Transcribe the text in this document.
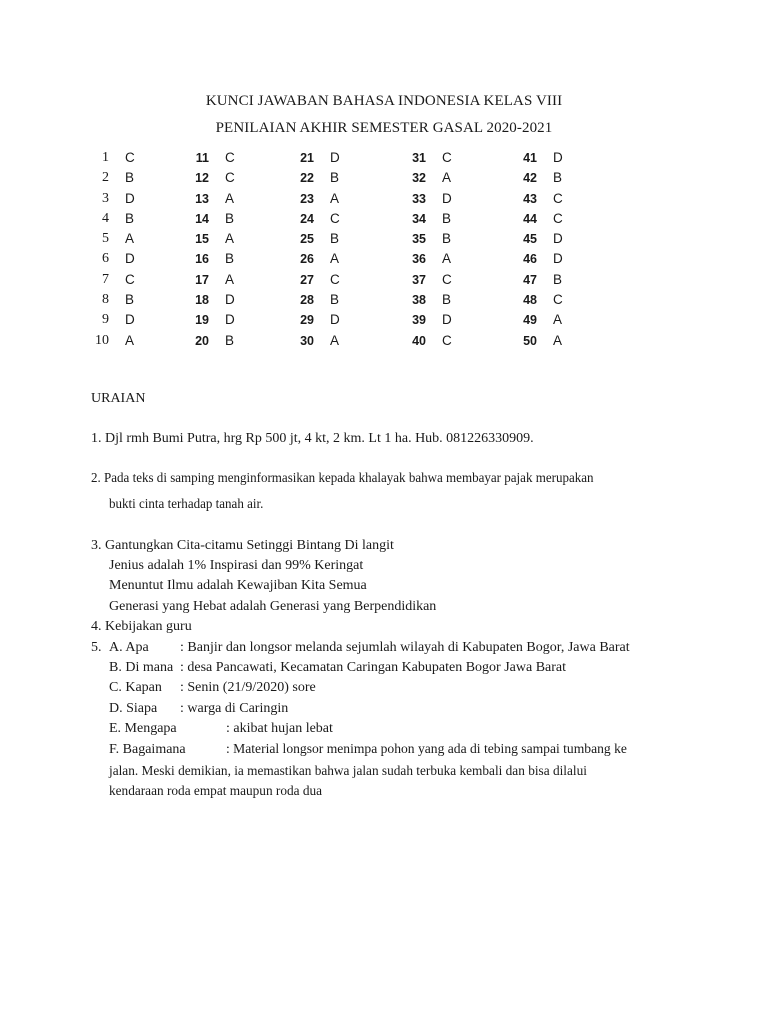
KUNCI JAWABAN BAHASA INDONESIA KELAS VIII
PENILAIAN AKHIR SEMESTER GASAL 2020-2021
1 C
2 B
3 D
4 B
5 A
6 D
7 C
8 B
9 D
10 A
11 C
12 C
13 A
14 B
15 A
16 B
17 A
18 D
19 D
20 B
21 D
22 B
23 A
24 C
25 B
26 A
27 C
28 B
29 D
30 A
31 C
32 A
33 D
34 B
35 B
36 A
37 C
38 B
39 D
40 C
41 D
42 B
43 C
44 C
45 D
46 D
47 B
48 C
49 A
50 A
URAIAN
1. Djl rmh Bumi Putra, hrg Rp 500 jt, 4 kt, 2 km. Lt 1 ha. Hub. 081226330909.
2. Pada teks di samping menginformasikan kepada khalayak bahwa membayar pajak merupakan
bukti cinta terhadap tanah air.
3. Gantungkan Cita-citamu Setinggi Bintang Di langit
Jenius adalah 1% Inspirasi dan 99% Keringat
Menuntut Ilmu adalah Kewajiban Kita Semua
Generasi yang Hebat adalah Generasi yang Berpendidikan
4. Kebijakan guru
5. A. Apa : Banjir dan longsor melanda sejumlah wilayah di Kabupaten Bogor, Jawa Barat
B. Di mana : desa Pancawati, Kecamatan Caringan Kabupaten Bogor Jawa Barat
C. Kapan : Senin (21/9/2020) sore
D. Siapa : warga di Caringin
E. Mengapa	: akibat hujan lebat
F. Bagaimana	: Material longsor menimpa pohon yang ada di tebing sampai tumbang ke
jalan. Meski demikian, ia memastikan bahwa jalan sudah terbuka kembali dan bisa dilalui
kendaraan roda empat maupun roda dua
